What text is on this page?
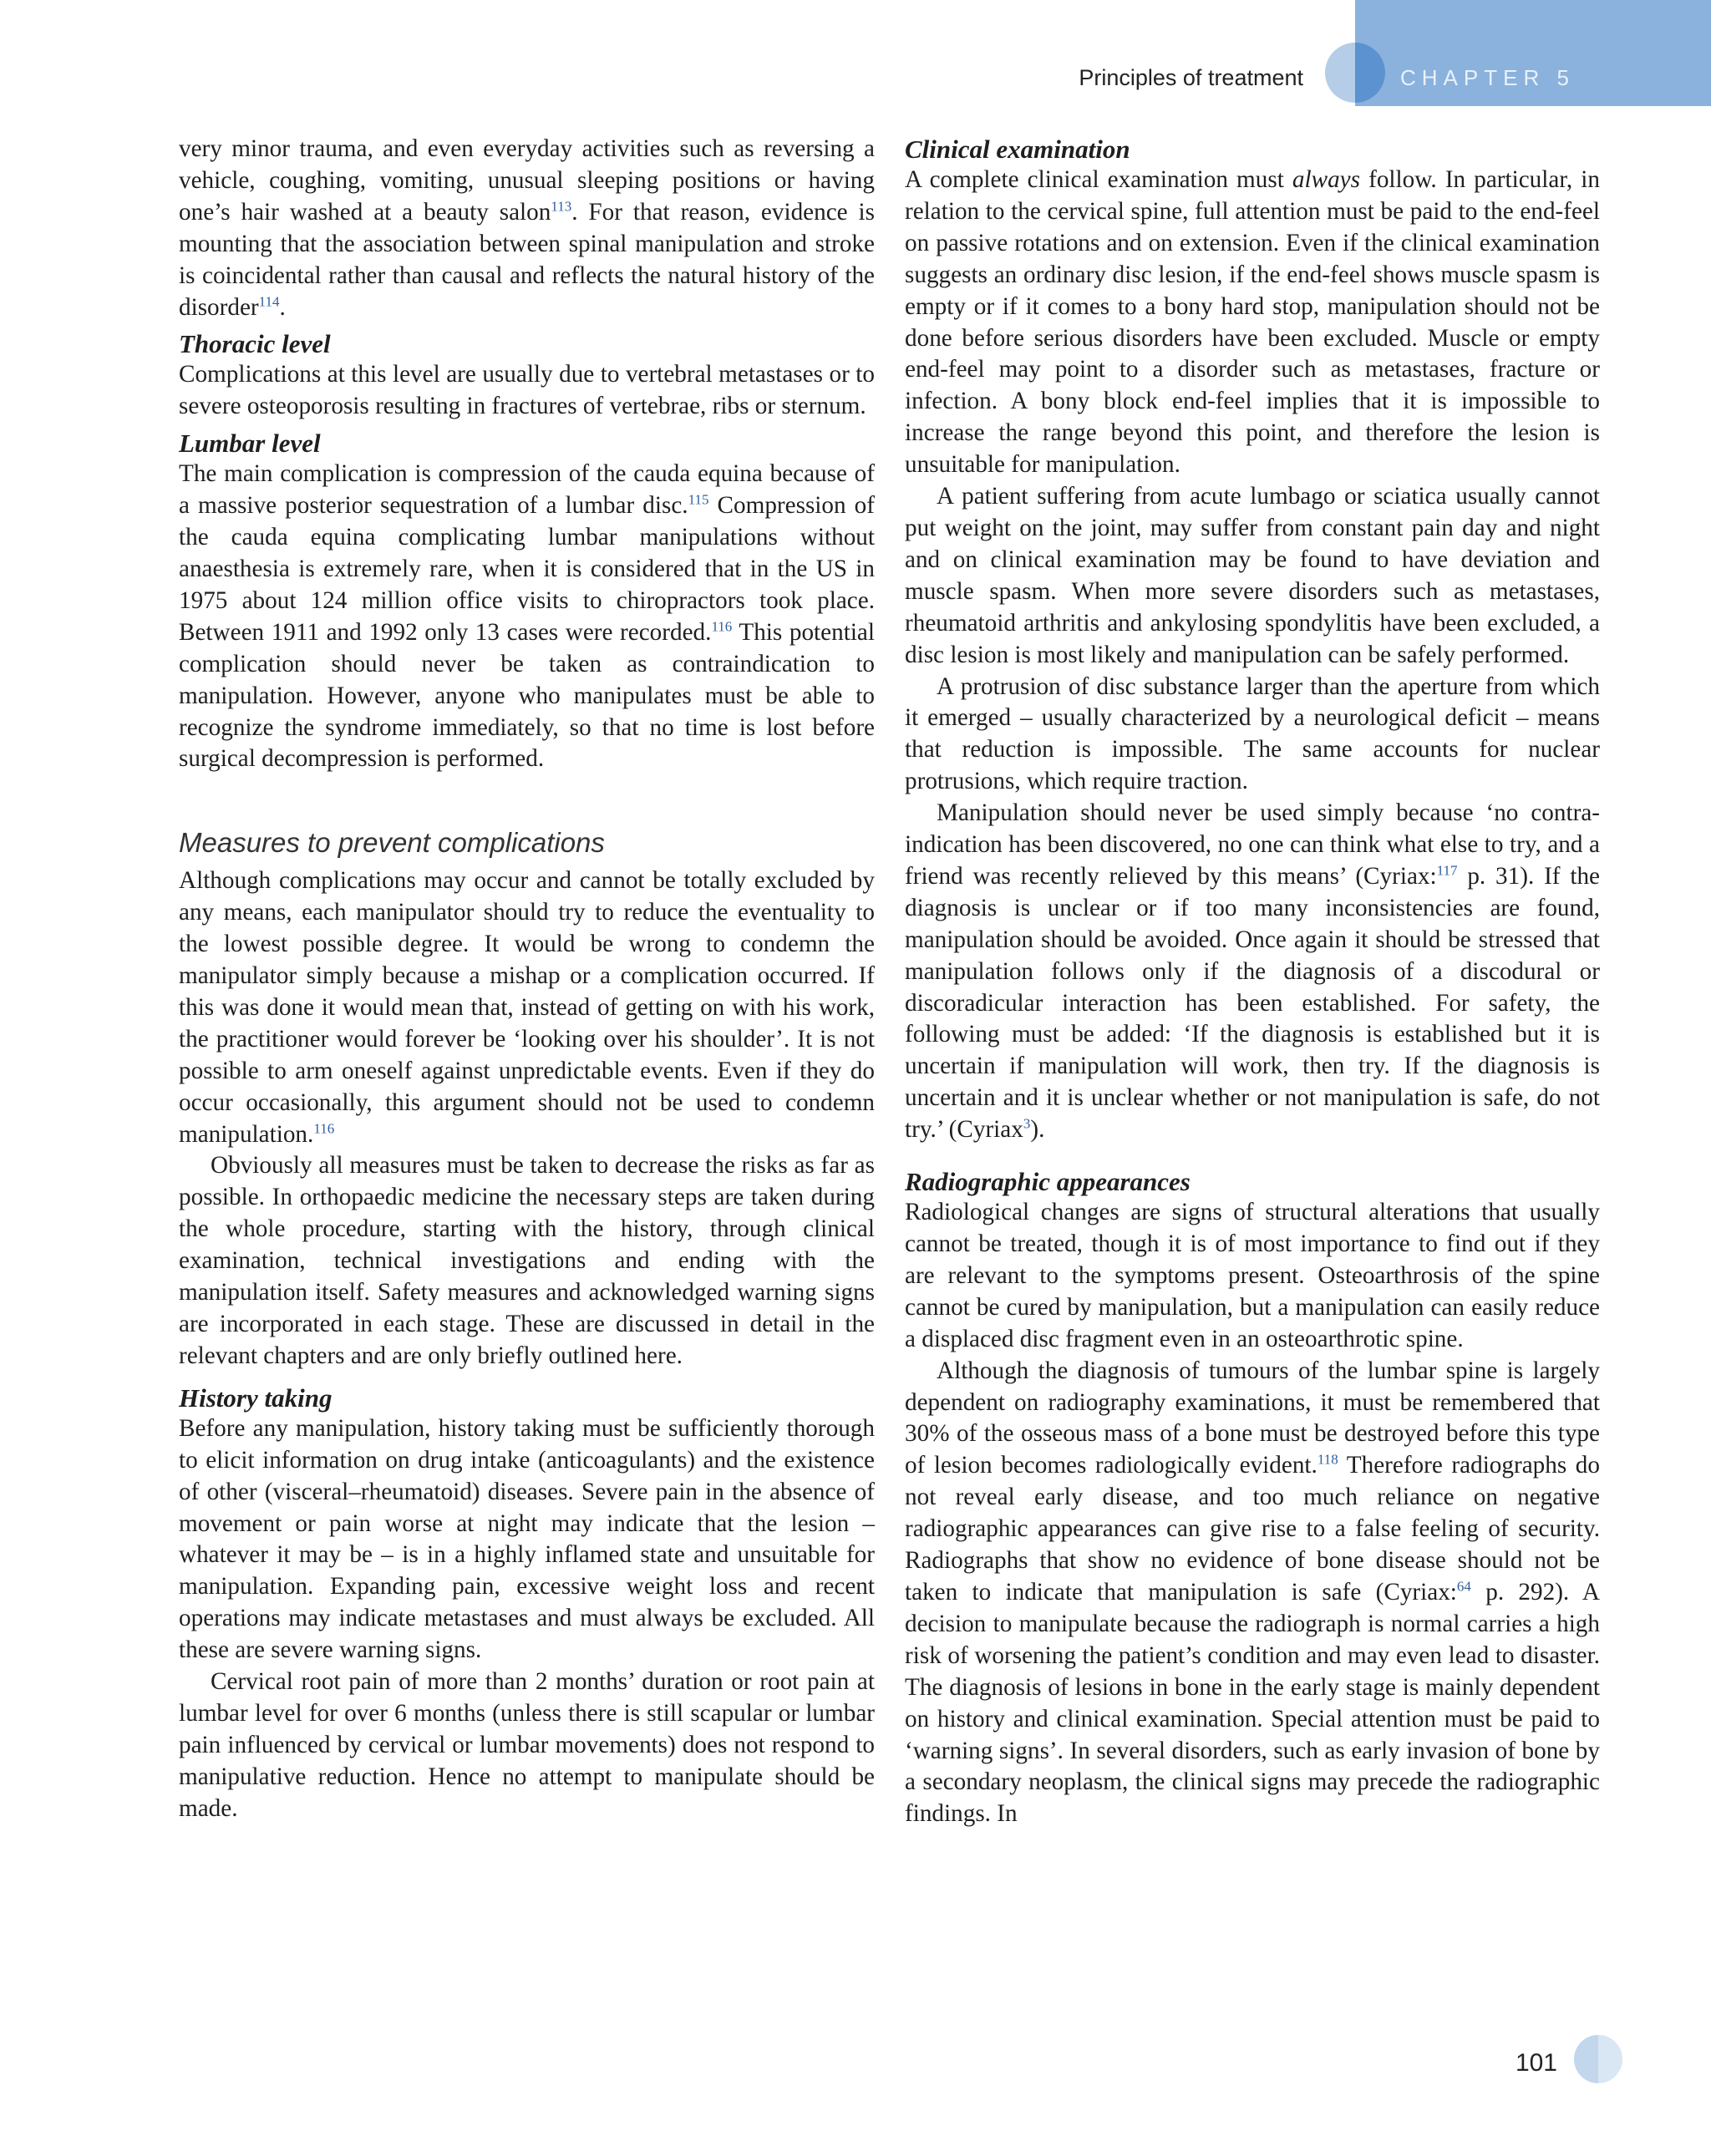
Principles of treatment	CHAPTER 5

very minor trauma, and even everyday activities such as reversing a vehicle, coughing, vomiting, unusual sleeping positions or having one’s hair washed at a beauty salon$^{113}$. For that reason, evidence is mounting that the association between spinal manipulation and stroke is coincidental rather than causal and reflects the natural history of the disorder$^{114}$.

Thoracic level

Complications at this level are usually due to vertebral metastases or to severe osteoporosis resulting in fractures of vertebrae, ribs or sternum.

Lumbar level

The main complication is compression of the cauda equina because of a massive posterior sequestration of a lumbar disc.$^{115}$ Compression of the cauda equina complicating lumbar manipulations without anaesthesia is extremely rare, when it is considered that in the US in 1975 about 124 million office visits to chiropractors took place. Between 1911 and 1992 only 13 cases were recorded.$^{116}$ This potential complication should never be taken as contraindication to manipulation. However, anyone who manipulates must be able to recognize the syndrome immediately, so that no time is lost before surgical decompression is performed.

Measures to prevent complications

Although complications may occur and cannot be totally excluded by any means, each manipulator should try to reduce the eventuality to the lowest possible degree. It would be wrong to condemn the manipulator simply because a mishap or a complication occurred. If this was done it would mean that, instead of getting on with his work, the practitioner would forever be ‘looking over his shoulder’. It is not possible to arm oneself against unpredictable events. Even if they do occur occasionally, this argument should not be used to condemn manipulation.$^{116}$

Obviously all measures must be taken to decrease the risks as far as possible. In orthopaedic medicine the necessary steps are taken during the whole procedure, starting with the history, through clinical examination, technical investigations and ending with the manipulation itself. Safety measures and acknowledged warning signs are incorporated in each stage. These are discussed in detail in the relevant chapters and are only briefly outlined here.

History taking

Before any manipulation, history taking must be sufficiently thorough to elicit information on drug intake (anticoagulants) and the existence of other (visceral–rheumatoid) diseases. Severe pain in the absence of movement or pain worse at night may indicate that the lesion – whatever it may be – is in a highly inflamed state and unsuitable for manipulation. Expanding pain, excessive weight loss and recent operations may indicate metastases and must always be excluded. All these are severe warning signs.

Cervical root pain of more than 2 months’ duration or root pain at lumbar level for over 6 months (unless there is still scapular or lumbar pain influenced by cervical or lumbar movements) does not respond to manipulative reduction. Hence no attempt to manipulate should be made.

Clinical examination

A complete clinical examination must always follow. In particular, in relation to the cervical spine, full attention must be paid to the end-feel on passive rotations and on extension. Even if the clinical examination suggests an ordinary disc lesion, if the end-feel shows muscle spasm is empty or if it comes to a bony hard stop, manipulation should not be done before serious disorders have been excluded. Muscle or empty end-feel may point to a disorder such as metastases, fracture or infection. A bony block end-feel implies that it is impossible to increase the range beyond this point, and therefore the lesion is unsuitable for manipulation.

A patient suffering from acute lumbago or sciatica usually cannot put weight on the joint, may suffer from constant pain day and night and on clinical examination may be found to have deviation and muscle spasm. When more severe disorders such as metastases, rheumatoid arthritis and ankylosing spondylitis have been excluded, a disc lesion is most likely and manipulation can be safely performed.

A protrusion of disc substance larger than the aperture from which it emerged – usually characterized by a neurological deficit – means that reduction is impossible. The same accounts for nuclear protrusions, which require traction.

Manipulation should never be used simply because ‘no contra-indication has been discovered, no one can think what else to try, and a friend was recently relieved by this means’ (Cyriax:$^{117}$ p. 31). If the diagnosis is unclear or if too many inconsistencies are found, manipulation should be avoided. Once again it should be stressed that manipulation follows only if the diagnosis of a discodural or discoradicular interaction has been established. For safety, the following must be added: ‘If the diagnosis is established but it is uncertain if manipulation will work, then try. If the diagnosis is uncertain and it is unclear whether or not manipulation is safe, do not try.’ (Cyriax$^3$).

Radiographic appearances

Radiological changes are signs of structural alterations that usually cannot be treated, though it is of most importance to find out if they are relevant to the symptoms present. Osteoarthrosis of the spine cannot be cured by manipulation, but a manipulation can easily reduce a displaced disc fragment even in an osteoarthrotic spine.

Although the diagnosis of tumours of the lumbar spine is largely dependent on radiography examinations, it must be remembered that 30% of the osseous mass of a bone must be destroyed before this type of lesion becomes radiologically evident.$^{118}$ Therefore radiographs do not reveal early disease, and too much reliance on negative radiographic appearances can give rise to a false feeling of security. Radiographs that show no evidence of bone disease should not be taken to indicate that manipulation is safe (Cyriax:$^{64}$ p. 292). A decision to manipulate because the radiograph is normal carries a high risk of worsening the patient’s condition and may even lead to disaster. The diagnosis of lesions in bone in the early stage is mainly dependent on history and clinical examination. Special attention must be paid to ‘warning signs’. In several disorders, such as early invasion of bone by a secondary neoplasm, the clinical signs may precede the radiographic findings. In

101
